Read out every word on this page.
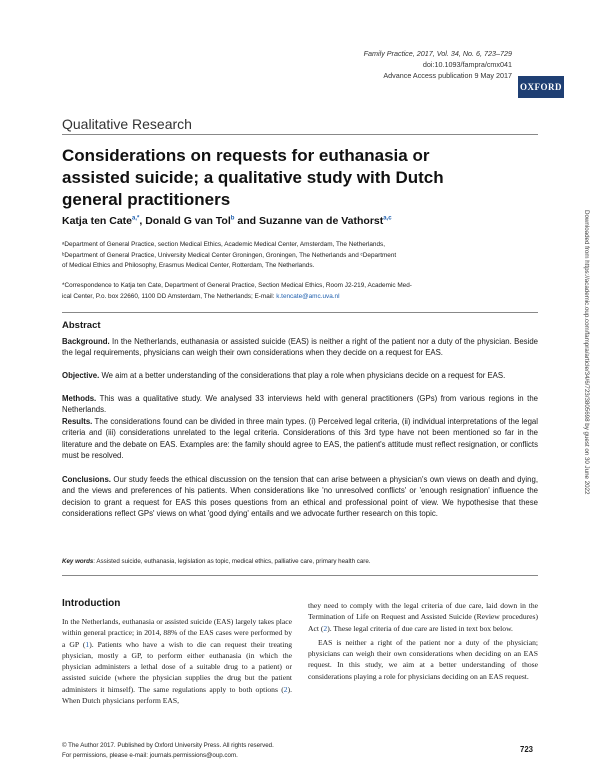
Family Practice, 2017, Vol. 34, No. 6, 723–729
doi:10.1093/fampra/cmx041
Advance Access publication 9 May 2017
OXFORD
Qualitative Research
Considerations on requests for euthanasia or assisted suicide; a qualitative study with Dutch general practitioners
Katja ten Cate$^{a,*}$, Donald G van Tol$^b$ and Suzanne van de Vathorst$^{a,c}$
ᵃDepartment of General Practice, section Medical Ethics, Academic Medical Center, Amsterdam, The Netherlands,
ᵇDepartment of General Practice, University Medical Center Groningen, Groningen, The Netherlands and ᶜDepartment
of Medical Ethics and Philosophy, Erasmus Medical Center, Rotterdam, The Netherlands.
*Correspondence to Katja ten Cate, Department of General Practice, Section Medical Ethics, Room J2-219, Academic Med-
ical Center, P.o. box 22660, 1100 DD Amsterdam, The Netherlands; E-mail: k.tencate@amc.uva.nl
Abstract
Background. In the Netherlands, euthanasia or assisted suicide (EAS) is neither a right of the patient nor a duty of the physician. Beside the legal requirements, physicians can weigh their own considerations when they decide on a request for EAS.
Objective. We aim at a better understanding of the considerations that play a role when physicians decide on a request for EAS.
Methods. This was a qualitative study. We analysed 33 interviews held with general practitioners (GPs) from various regions in the Netherlands.
Results. The considerations found can be divided in three main types. (i) Perceived legal criteria, (ii) individual interpretations of the legal criteria and (iii) considerations unrelated to the legal criteria. Considerations of this 3rd type have not been mentioned so far in the literature and the debate on EAS. Examples are: the family should agree to EAS, the patient's attitude must reflect resignation, or conflicts must be resolved.
Conclusions. Our study feeds the ethical discussion on the tension that can arise between a physician's own views on death and dying, and the views and preferences of his patients. When considerations like 'no unresolved conflicts' or 'enough resignation' influence the decision to grant a request for EAS this poses questions from an ethical and professional point of view. We hypothesise that these considerations reflect GPs' views on what 'good dying' entails and we advocate further research on this topic.
Key words: Assisted suicide, euthanasia, legislation as topic, medical ethics, palliative care, primary health care.
Introduction

In the Netherlands, euthanasia or assisted suicide (EAS) largely takes place within general practice; in 2014, 88% of the EAS cases were performed by a GP (1). Patients who have a wish to die can request their treating physician, mostly a GP, to perform either euthanasia (in which the physician administers a lethal dose of a suitable drug to a patient) or assisted suicide (where the physician supplies the drug but the patient administers it himself). The same regulations apply to both options (2). When Dutch physicians perform EAS,

they need to comply with the legal criteria of due care, laid down in the Termination of Life on Request and Assisted Suicide (Review procedures) Act (2). These legal criteria of due care are listed in text box below.

EAS is neither a right of the patient nor a duty of the physician; physicians can weigh their own considerations when deciding on an EAS request. In this study, we aim at a better understanding of those considerations playing a role for physicians deciding on an EAS request.

© The Author 2017. Published by Oxford University Press. All rights reserved.
For permissions, please e-mail: journals.permissions@oup.com.
723
Downloaded from https://academic.oup.com/fampra/article/34/6/723/3805698 by guest on 30 June 2022
